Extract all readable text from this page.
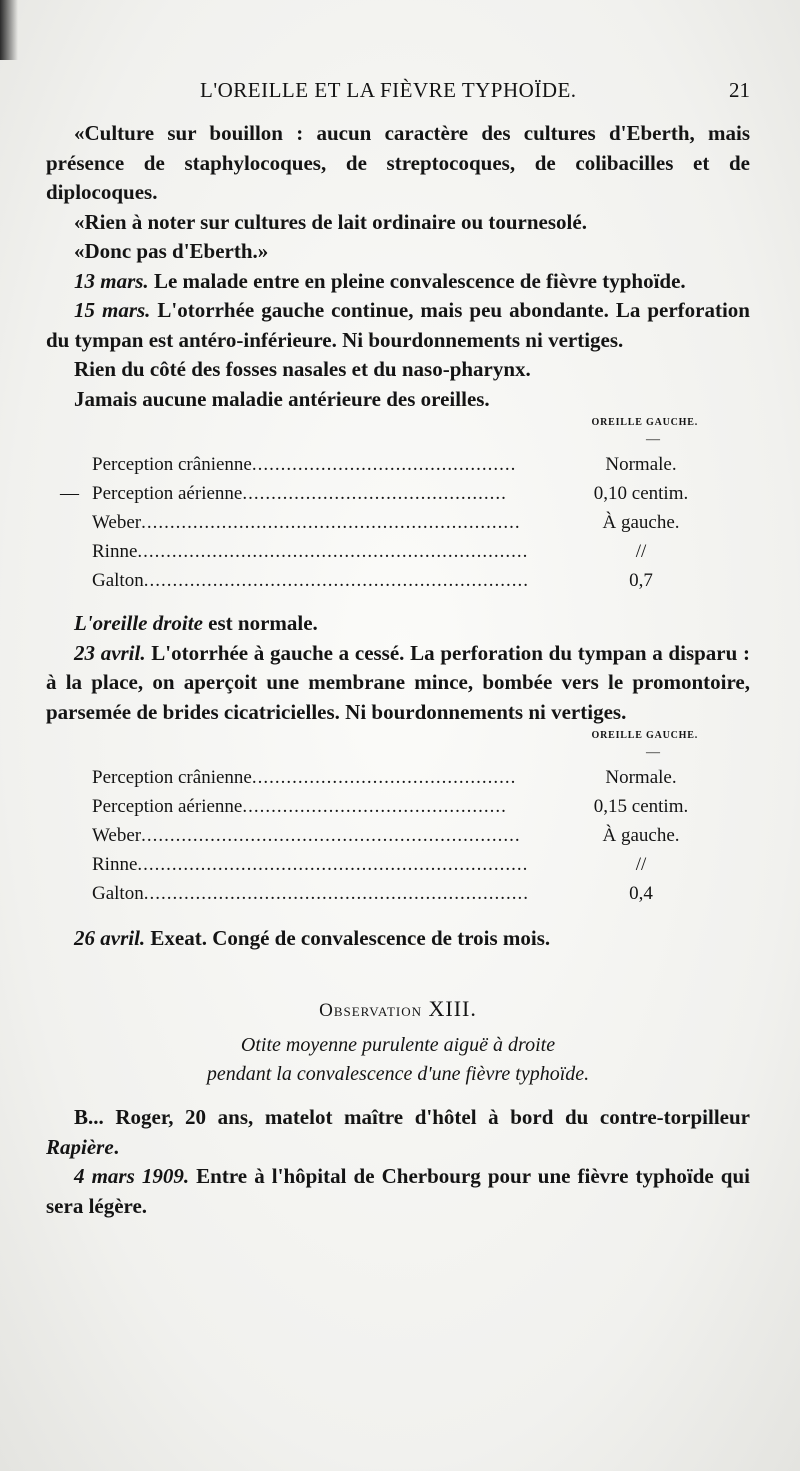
L'OREILLE ET LA FIÈVRE TYPHOÏDE.	21

«Culture sur bouillon : aucun caractère des cultures d'Eberth, mais présence de staphylocoques, de streptocoques, de colibacilles et de diplocoques.

«Rien à noter sur cultures de lait ordinaire ou tournesolé.

«Donc pas d'Eberth.»

13 mars. Le malade entre en pleine convalescence de fièvre typhoïde.

15 mars. L'otorrhée gauche continue, mais peu abondante. La perforation du tympan est antéro-inférieure. Ni bourdonnements ni vertiges.

Rien du côté des fosses nasales et du naso-pharynx.

Jamais aucune maladie antérieure des oreilles.

OREILLE GAUCHE.
—
Perception crânienne..............................................	Normale.
— Perception aérienne..............................................	0,10 centim.
Weber..................................................................	À gauche.
Rinne....................................................................	//
Galton...................................................................	0,7

L'oreille droite est normale.

23 avril. L'otorrhée à gauche a cessé. La perforation du tympan a disparu : à la place, on aperçoit une membrane mince, bombée vers le promontoire, parsemée de brides cicatricielles. Ni bourdonnements ni vertiges.

OREILLE GAUCHE.
—
Perception crânienne..............................................	Normale.
Perception aérienne..............................................	0,15 centim.
Weber..................................................................	À gauche.
Rinne....................................................................	//
Galton...................................................................	0,4

26 avril. Exeat. Congé de convalescence de trois mois.

Observation XIII.

Otite moyenne purulente aiguë à droite

pendant la convalescence d'une fièvre typhoïde.

B... Roger, 20 ans, matelot maître d'hôtel à bord du contre-torpilleur Rapière.

4 mars 1909. Entre à l'hôpital de Cherbourg pour une fièvre typhoïde qui sera légère.
